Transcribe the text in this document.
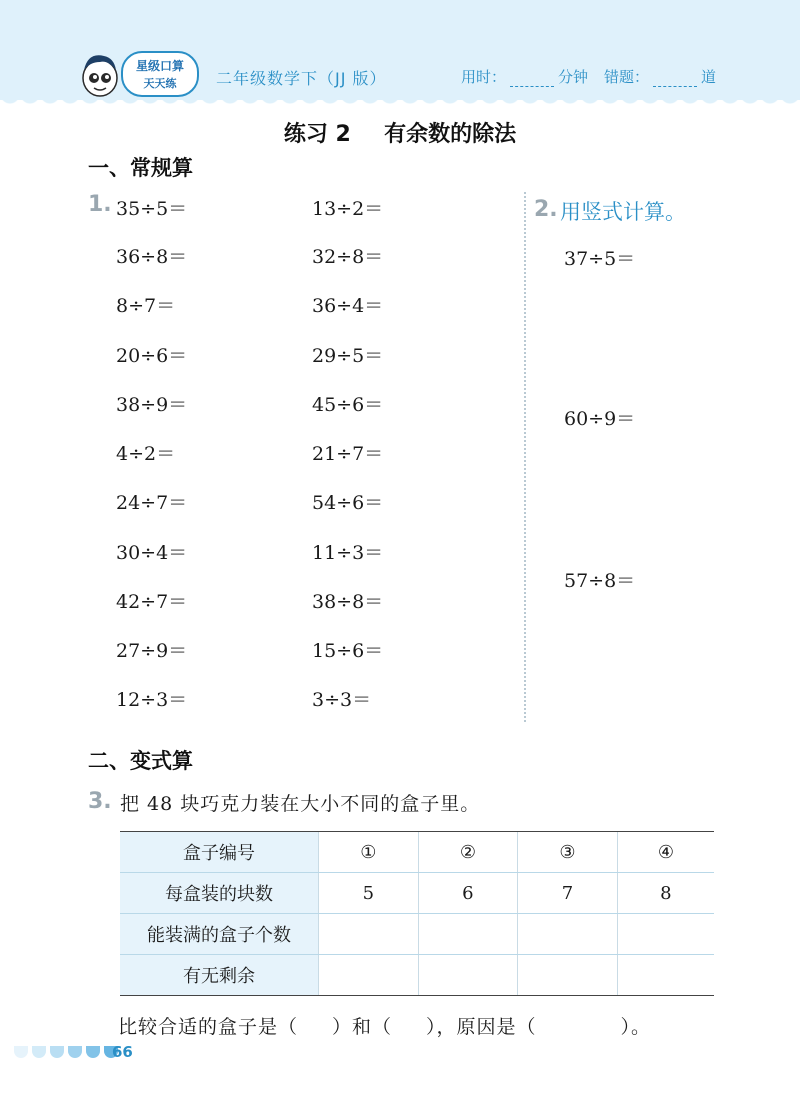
星级口算
天天练 二年级数学下（JJ 版）	用时：	分钟 错题：	道
练习 2 有余数的除法
一、常规算
1. 35÷5＝
36÷8＝
8÷7＝
20÷6＝
38÷9＝
4÷2＝
24÷7＝
30÷4＝
42÷7＝
27÷9＝
12÷3＝
13÷2＝
32÷8＝
36÷4＝
29÷5＝
45÷6＝
21÷7＝
54÷6＝
11÷3＝
38÷8＝
15÷6＝
3÷3＝
2. 用竖式计算。
37÷5＝
60÷9＝
57÷8＝
二、变式算
3. 把 48 块巧克力装在大小不同的盒子里。
盒子编号	①	②	③	④
每盒装的块数	5	6	7	8
能装满的盒子个数				
有无剩余				
比较合适的盒子是（ ）和（ ），原因是（	）。
66
